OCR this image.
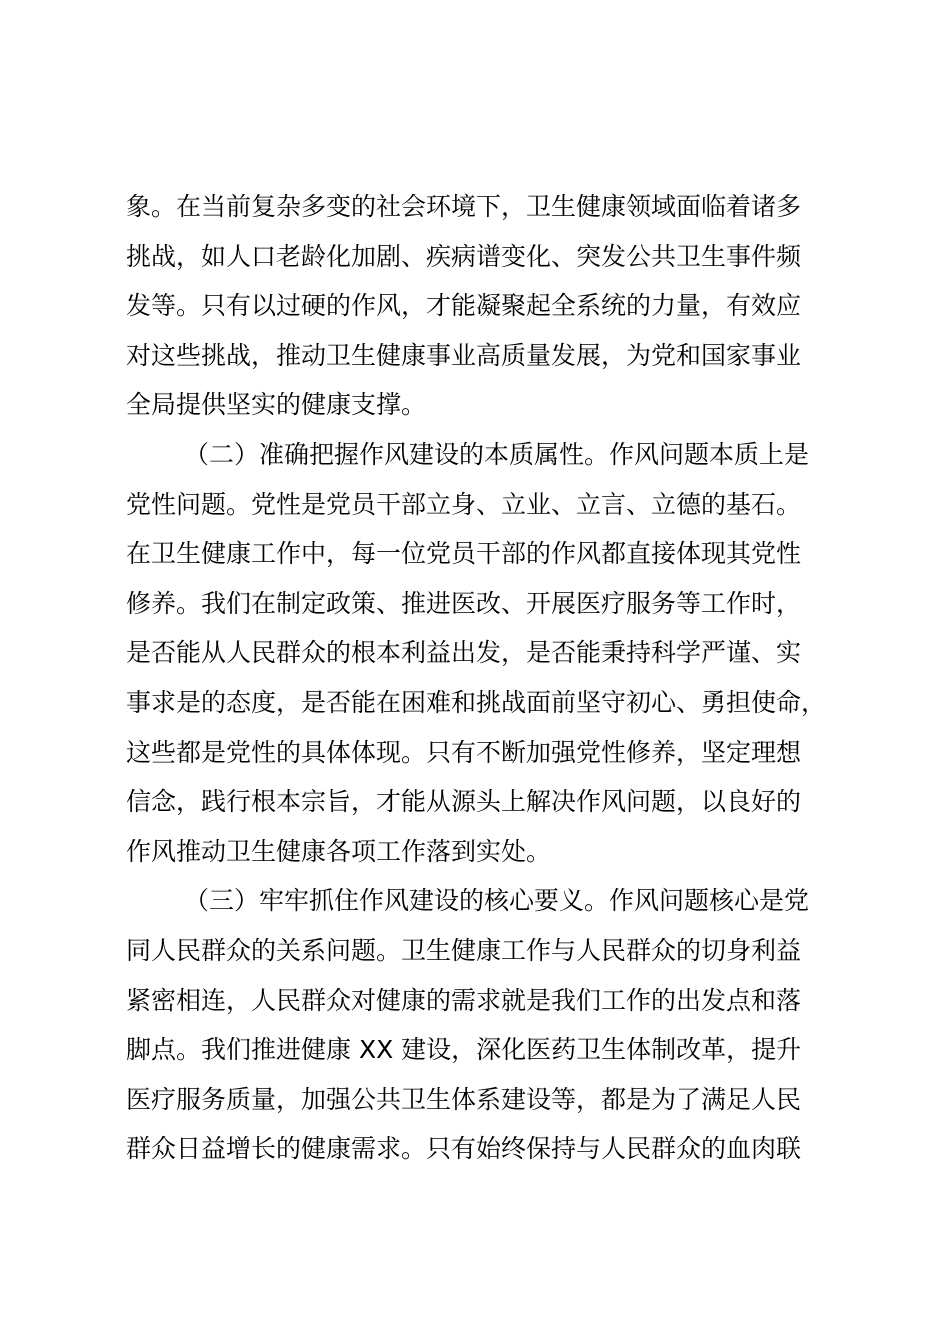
象。在当前复杂多变的社会环境下，卫生健康领域面临着诸多
挑战，如人口老龄化加剧、疾病谱变化、突发公共卫生事件频
发等。只有以过硬的作风，才能凝聚起全系统的力量，有效应
对这些挑战，推动卫生健康事业高质量发展，为党和国家事业
全局提供坚实的健康支撑。
（二）准确把握作风建设的本质属性。作风问题本质上是
党性问题。党性是党员干部立身、立业、立言、立德的基石。
在卫生健康工作中，每一位党员干部的作风都直接体现其党性
修养。我们在制定政策、推进医改、开展医疗服务等工作时，
是否能从人民群众的根本利益出发，是否能秉持科学严谨、实
事求是的态度，是否能在困难和挑战面前坚守初心、勇担使命，
这些都是党性的具体体现。只有不断加强党性修养，坚定理想
信念，践行根本宗旨，才能从源头上解决作风问题，以良好的
作风推动卫生健康各项工作落到实处。
（三）牢牢抓住作风建设的核心要义。作风问题核心是党
同人民群众的关系问题。卫生健康工作与人民群众的切身利益
紧密相连，人民群众对健康的需求就是我们工作的出发点和落
脚点。我们推进健康 XX 建设，深化医药卫生体制改革，提升
医疗服务质量，加强公共卫生体系建设等，都是为了满足人民
群众日益增长的健康需求。只有始终保持与人民群众的血肉联
